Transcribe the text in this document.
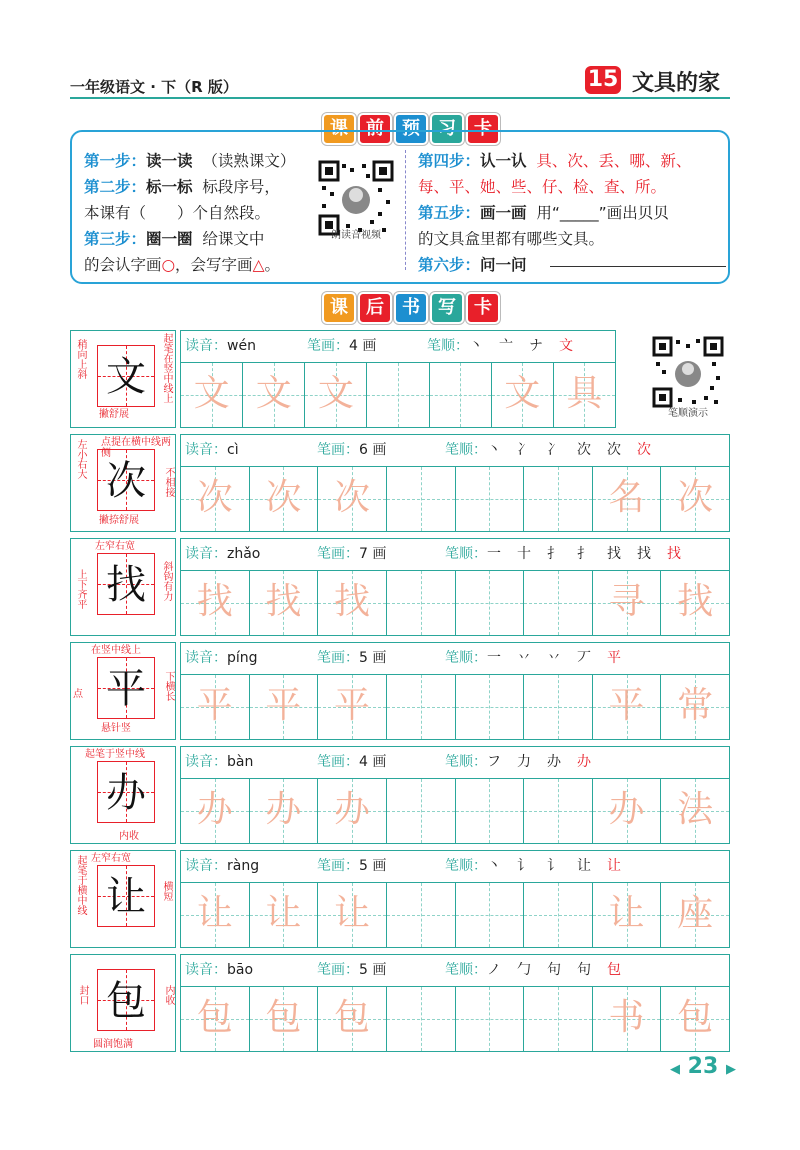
一年级语文 · 下（R 版）	15 文具的家
课	前	预	习	卡
第一步：读一读 （读熟课文）
第二步：标一标 标段序号，
本课有（　　）个自然段。
第三步：圈一圈 给课文中
的会认字画○，会写字画△。
朗读音视频
第四步：认一认 具、次、丢、哪、新、
每、平、她、些、仔、检、查、所。
第五步：画一画 用“_____”画出贝贝
的文具盒里都有哪些文具。
第六步：问一问
课	后	书	写	卡
文
稍向上斜	起笔在竖中线上
撇舒展
读音：wén	笔画：4 画	笔顺：丶 亠 ナ 文
文 文 文	文 具
次
左小右大 点提在横中线两侧
不相接
撇捺舒展
读音：cì	笔画：6 画	笔顺：丶 冫 冫 次 次 次
次 次 次	名 次
找
左窄右宽
上下齐平	斜钩有力
读音：zhǎo	笔画：7 画	笔顺：一 十 扌 扌 找 找 找
找 找 找	寻 找
平
在竖中线上
点	下横长
悬针竖
读音：píng	笔画：5 画	笔顺：一 丷 丷 丆 平
平 平 平	平 常
办
起笔于竖中线
内收
读音：bàn	笔画：4 画	笔顺：フ 力 办 办
办 办 办	办 法
让
左窄右宽
起笔于横中线	横短
读音：ràng	笔画：5 画	笔顺：丶 讠 讠 让 让
让 让 让	让 座
包
封口	内收
圆润饱满
读音：bāo	笔画：5 画	笔顺：ノ 勹 句 句 包
包 包 包	书 包
笔顺演示
◀ 23 ▶
